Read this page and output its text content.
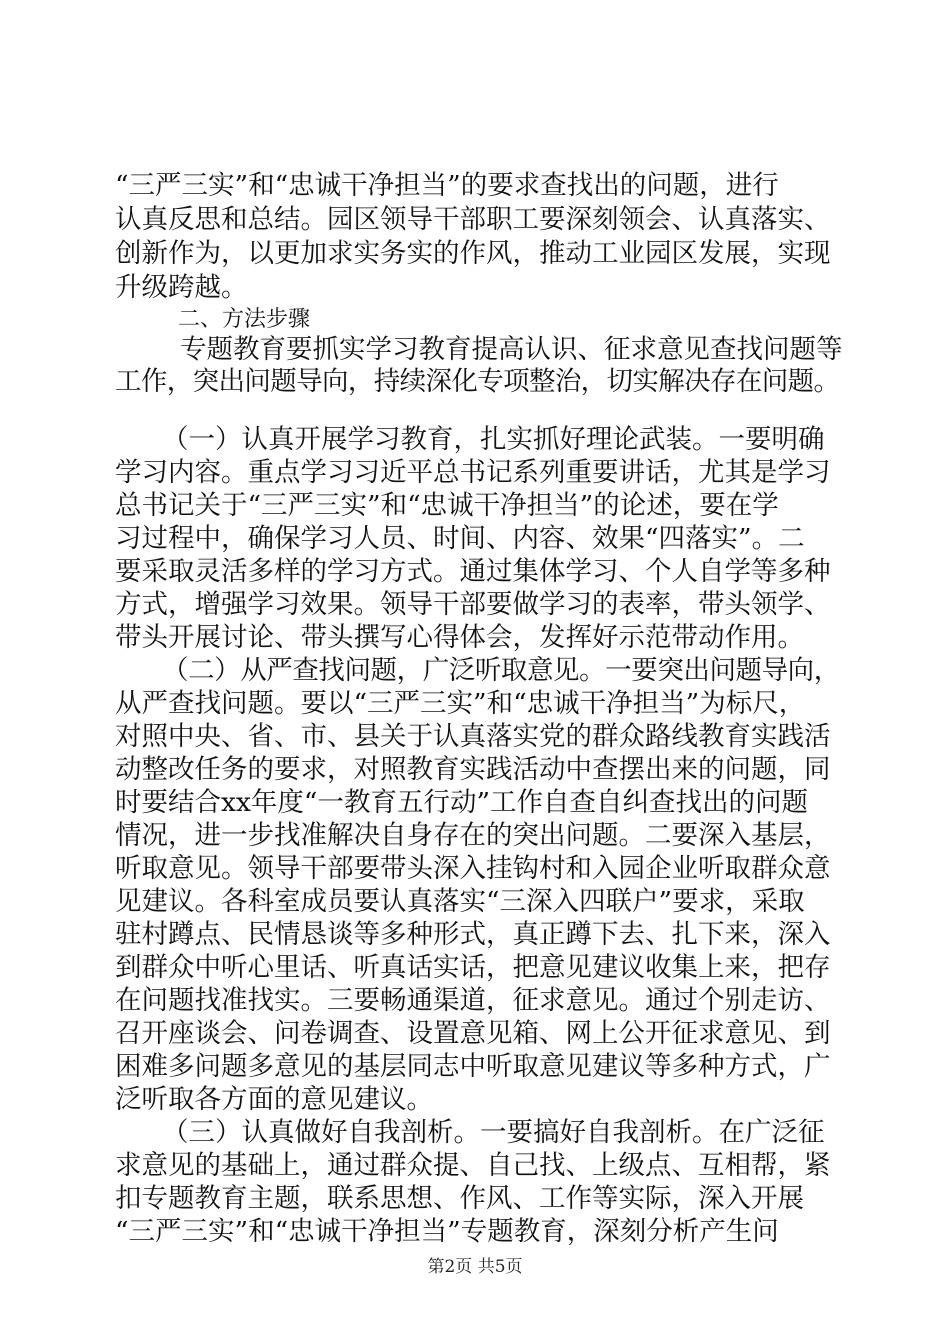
“三严三实”和“忠诚干净担当”的要求查找出的问题，进行
认真反思和总结。园区领导干部职工要深刻领会、认真落实、
创新作为，以更加求实务实的作风，推动工业园区发展，实现
升级跨越。
二、方法步骤
专题教育要抓实学习教育提高认识、征求意见查找问题等
工作，突出问题导向，持续深化专项整治，切实解决存在问题。
（一）认真开展学习教育，扎实抓好理论武装。一要明确
学习内容。重点学习习近平总书记系列重要讲话，尤其是学习
总书记关于“三严三实”和“忠诚干净担当”的论述，要在学
习过程中，确保学习人员、时间、内容、效果“四落实”。二
要采取灵活多样的学习方式。通过集体学习、个人自学等多种
方式，增强学习效果。领导干部要做学习的表率，带头领学、
带头开展讨论、带头撰写心得体会，发挥好示范带动作用。
（二）从严查找问题，广泛听取意见。一要突出问题导向，
从严查找问题。要以“三严三实”和“忠诚干净担当”为标尺，
对照中央、省、市、县关于认真落实党的群众路线教育实践活
动整改任务的要求，对照教育实践活动中查摆出来的问题，同
时要结合xx年度“一教育五行动”工作自查自纠查找出的问题
情况，进一步找准解决自身存在的突出问题。二要深入基层，
听取意见。领导干部要带头深入挂钩村和入园企业听取群众意
见建议。各科室成员要认真落实“三深入四联户”要求，采取
驻村蹲点、民情恳谈等多种形式，真正蹲下去、扎下来，深入
到群众中听心里话、听真话实话，把意见建议收集上来，把存
在问题找准找实。三要畅通渠道，征求意见。通过个别走访、
召开座谈会、问卷调查、设置意见箱、网上公开征求意见、到
困难多问题多意见的基层同志中听取意见建议等多种方式，广
泛听取各方面的意见建议。
（三）认真做好自我剖析。一要搞好自我剖析。在广泛征
求意见的基础上，通过群众提、自己找、上级点、互相帮，紧
扣专题教育主题，联系思想、作风、工作等实际，深入开展
“三严三实”和“忠诚干净担当”专题教育，深刻分析产生问
第2页 共5页
